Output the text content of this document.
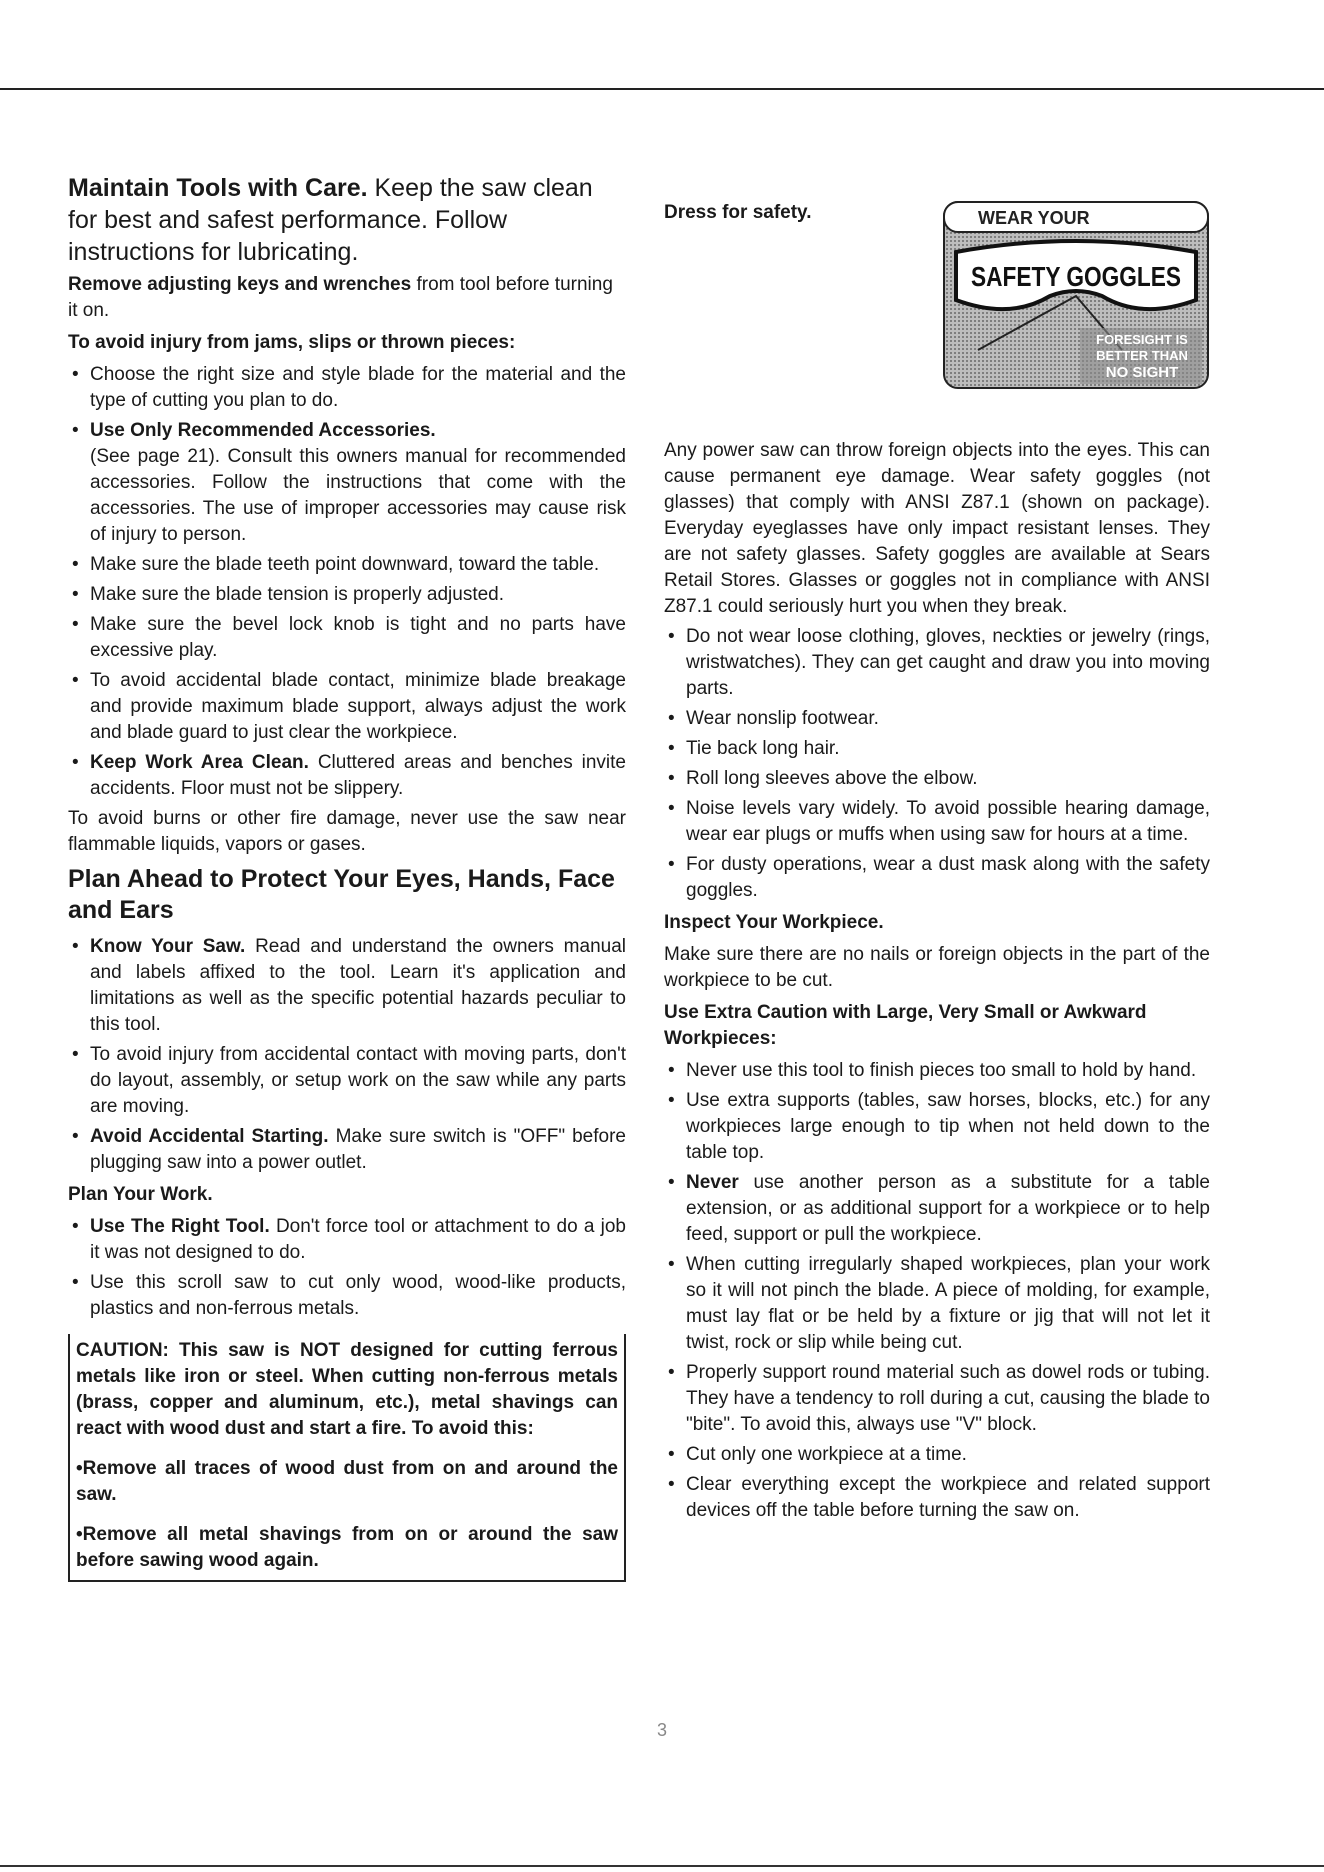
Maintain Tools with Care. Keep the saw clean for best and safest performance. Follow instructions for lubricating.

Remove adjusting keys and wrenches from tool before turning it on.

To avoid injury from jams, slips or thrown pieces:

• Choose the right size and style blade for the material and the type of cutting you plan to do.
• Use Only Recommended Accessories.
(See page 21). Consult this owners manual for recommended accessories. Follow the instructions that come with the accessories. The use of improper accessories may cause risk of injury to person.
• Make sure the blade teeth point downward, toward the table.
• Make sure the blade tension is properly adjusted.
• Make sure the bevel lock knob is tight and no parts have excessive play.
• To avoid accidental blade contact, minimize blade breakage and provide maximum blade support, always adjust the work and blade guard to just clear the workpiece.
• Keep Work Area Clean. Cluttered areas and benches invite accidents. Floor must not be slippery.

To avoid burns or other fire damage, never use the saw near flammable liquids, vapors or gases.

Plan Ahead to Protect Your Eyes, Hands, Face and Ears

• Know Your Saw. Read and understand the owners manual and labels affixed to the tool. Learn it's application and limitations as well as the specific potential hazards peculiar to this tool.
• To avoid injury from accidental contact with moving parts, don't do layout, assembly, or setup work on the saw while any parts are moving.
• Avoid Accidental Starting. Make sure switch is "OFF" before plugging saw into a power outlet.

Plan Your Work.

• Use The Right Tool. Don't force tool or attachment to do a job it was not designed to do.
• Use this scroll saw to cut only wood, wood-like products, plastics and non-ferrous metals.

CAUTION: This saw is NOT designed for cutting ferrous metals like iron or steel. When cutting non-ferrous metals (brass, copper and aluminum, etc.), metal shavings can react with wood dust and start a fire. To avoid this:

•Remove all traces of wood dust from on and around the saw.

•Remove all metal shavings from on or around the saw before sawing wood again.

Dress for safety.	WEAR YOUR
SAFETY GOGGLES
FORESIGHT IS
BETTER THAN
NO SIGHT

Any power saw can throw foreign objects into the eyes. This can cause permanent eye damage. Wear safety goggles (not glasses) that comply with ANSI Z87.1 (shown on package). Everyday eyeglasses have only impact resistant lenses. They are not safety glasses. Safety goggles are available at Sears Retail Stores. Glasses or goggles not in compliance with ANSI Z87.1 could seriously hurt you when they break.

• Do not wear loose clothing, gloves, neckties or jewelry (rings, wristwatches). They can get caught and draw you into moving parts.
• Wear nonslip footwear.
• Tie back long hair.
• Roll long sleeves above the elbow.
• Noise levels vary widely. To avoid possible hearing damage, wear ear plugs or muffs when using saw for hours at a time.
• For dusty operations, wear a dust mask along with the safety goggles.

Inspect Your Workpiece.

Make sure there are no nails or foreign objects in the part of the workpiece to be cut.

Use Extra Caution with Large, Very Small or Awkward Workpieces:

• Never use this tool to finish pieces too small to hold by hand.
• Use extra supports (tables, saw horses, blocks, etc.) for any workpieces large enough to tip when not held down to the table top.
• Never use another person as a substitute for a table extension, or as additional support for a workpiece or to help feed, support or pull the workpiece.
• When cutting irregularly shaped workpieces, plan your work so it will not pinch the blade. A piece of molding, for example, must lay flat or be held by a fixture or jig that will not let it twist, rock or slip while being cut.
• Properly support round material such as dowel rods or tubing. They have a tendency to roll during a cut, causing the blade to "bite". To avoid this, always use "V" block.
• Cut only one workpiece at a time.
• Clear everything except the workpiece and related support devices off the table before turning the saw on.
3
